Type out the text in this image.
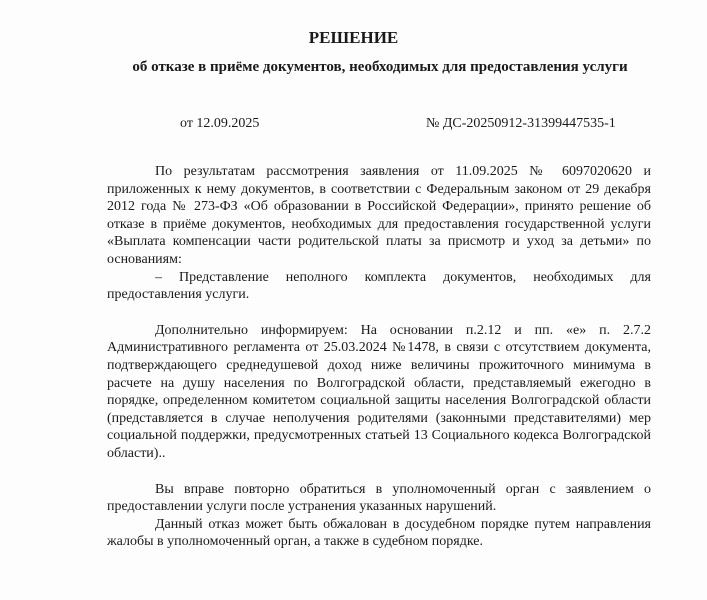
РЕШЕНИЕ
об отказе в приёме документов, необходимых для предоставления услуги
от 12.09.2025	№ ДС-20250912-31399447535-1

По результатам рассмотрения заявления от 11.09.2025 № 6097020620 и приложенных к нему документов, в соответствии с Федеральным законом от 29 декабря 2012 года № 273-ФЗ «Об образовании в Российской Федерации», принято решение об отказе в приёме документов, необходимых для предоставления государственной услуги «Выплата компенсации части родительской платы за присмотр и уход за детьми» по основаниям:

– Представление неполного комплекта документов, необходимых для предоставления услуги.

Дополнительно информируем: На основании п.2.12 и пп. «е» п. 2.7.2 Административного регламента от 25.03.2024 №1478, в связи с отсутствием документа, подтверждающего среднедушевой доход ниже величины прожиточного минимума в расчете на душу населения по Волгоградской области, представляемый ежегодно в порядке, определенном комитетом социальной защиты населения Волгоградской области (представляется в случае неполучения родителями (законными представителями) мер социальной поддержки, предусмотренных статьей 13 Социального кодекса Волгоградской области)..

Вы вправе повторно обратиться в уполномоченный орган с заявлением о предоставлении услуги после устранения указанных нарушений.

Данный отказ может быть обжалован в досудебном порядке путем направления жалобы в уполномоченный орган, а также в судебном порядке.
